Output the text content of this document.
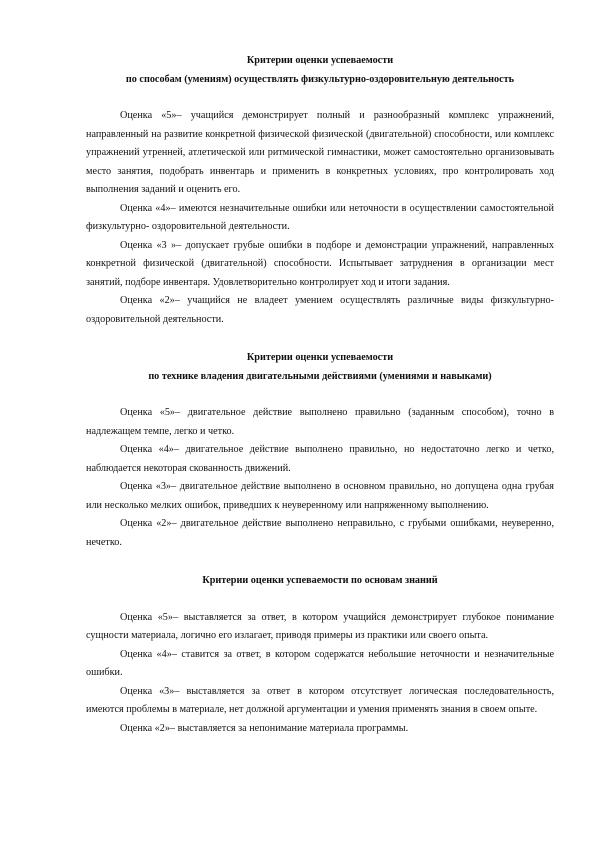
Критерии оценки успеваемости

по способам (умениям) осуществлять физкультурно-оздоровительную деятельность

Оценка «5»– учащийся демонстрирует полный и разнообразный комплекс упражнений, направленный на развитие конкретной физической физической (двигательной) способности, или комплекс упражнений утренней, атлетической или ритмической гимнастики, может самостоятельно организовывать место занятия, подобрать инвентарь и применить в конкретных условиях, про контролировать ход выполнения заданий и оценить его.

Оценка «4»– имеются незначительные ошибки или неточности в осуществлении самостоятельной физкультурно- оздоровительной деятельности.

Оценка «3 »– допускает грубые ошибки в подборе и демонстрации упражнений, направленных конкретной физической (двигательной) способности. Испытывает затруднения в организации мест занятий, подборе инвентаря. Удовлетворительно контролирует ход и итоги задания.

Оценка «2»– учащийся не владеет умением осуществлять различные виды физкультурно- оздоровительной деятельности.

Критерии оценки успеваемости

по технике владения двигательными действиями (умениями и навыками)

Оценка «5»– двигательное действие выполнено правильно (заданным способом), точно в надлежащем темпе, легко и четко.

Оценка «4»– двигательное действие выполнено правильно, но недостаточно легко и четко, наблюдается некоторая скованность движений.

Оценка «3»– двигательное действие выполнено в основном правильно, но допущена одна грубая или несколько мелких ошибок, приведших к неуверенному или напряженному выполнению.

Оценка «2»– двигательное действие выполнено неправильно, с грубыми ошибками, неуверенно, нечетко.

Критерии оценки успеваемости по основам знаний

Оценка «5»– выставляется за ответ, в котором учащийся демонстрирует глубокое понимание сущности материала, логично его излагает, приводя примеры из практики или своего опыта.

Оценка «4»– ставится за ответ, в котором содержатся небольшие неточности и незначительные ошибки.

Оценка «3»– выставляется за ответ в котором отсутствует логическая последовательность, имеются проблемы в материале, нет должной аргументации и умения применять знания в своем опыте.

Оценка «2»– выставляется за непонимание материала программы.
